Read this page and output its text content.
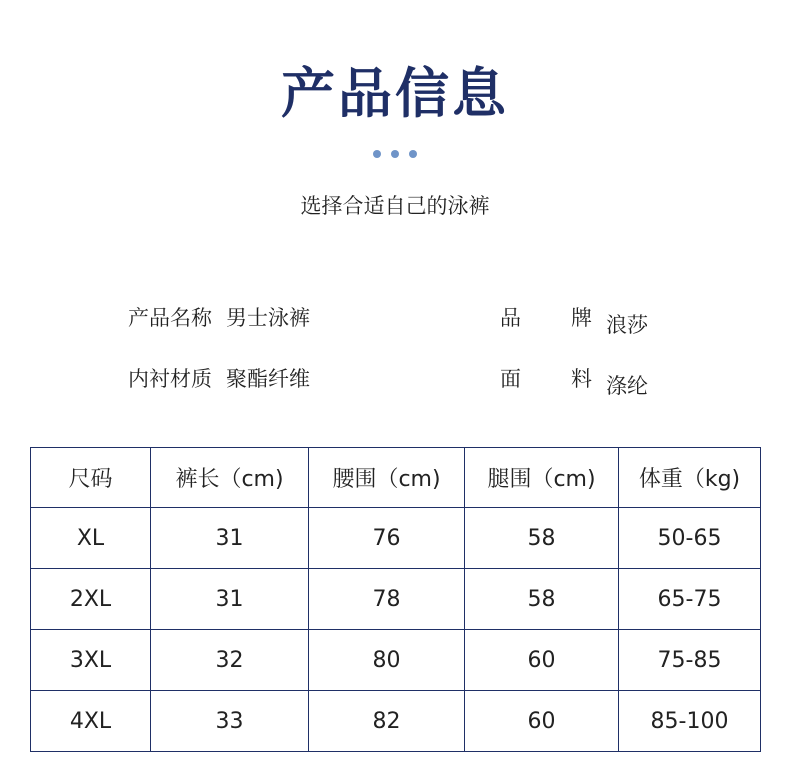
产品信息
选择合适自己的泳裤
产品名称 男士泳裤	品 牌 浪莎
内衬材质 聚酯纤维	面 料 涤纶
尺码	裤长（cm)	腰围（cm)	腿围（cm)	体重（kg)
XL	31	76	58	50-65
2XL	31	78	58	65-75
3XL	32	80	60	75-85
4XL	33	82	60	85-100
